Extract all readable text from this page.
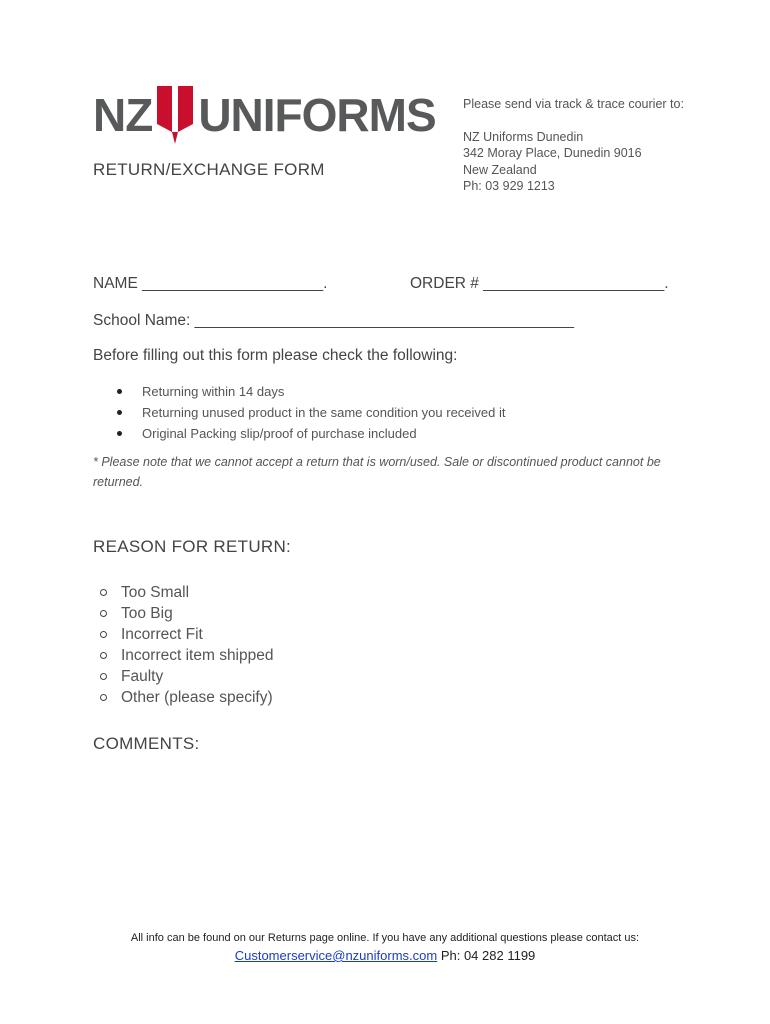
NZ UNIFORMS Please send via track & trace courier to:
NZ Uniforms Dunedin
342 Moray Place, Dunedin 9016
New Zealand
Ph: 03 929 1213
RETURN/EXCHANGE FORM
NAME _____________________.	ORDER # _____________________.
School Name: ____________________________________________
Before filling out this form please check the following:
Returning within 14 days
Returning unused product in the same condition you received it
Original Packing slip/proof of purchase included
* Please note that we cannot accept a return that is worn/used. Sale or discontinued product cannot be returned.
REASON FOR RETURN:
Too Small
Too Big
Incorrect Fit
Incorrect item shipped
Faulty
Other (please specify)
COMMENTS:
All info can be found on our Returns page online. If you have any additional questions please contact us:
Customerservice@nzuniforms.com Ph: 04 282 1199
